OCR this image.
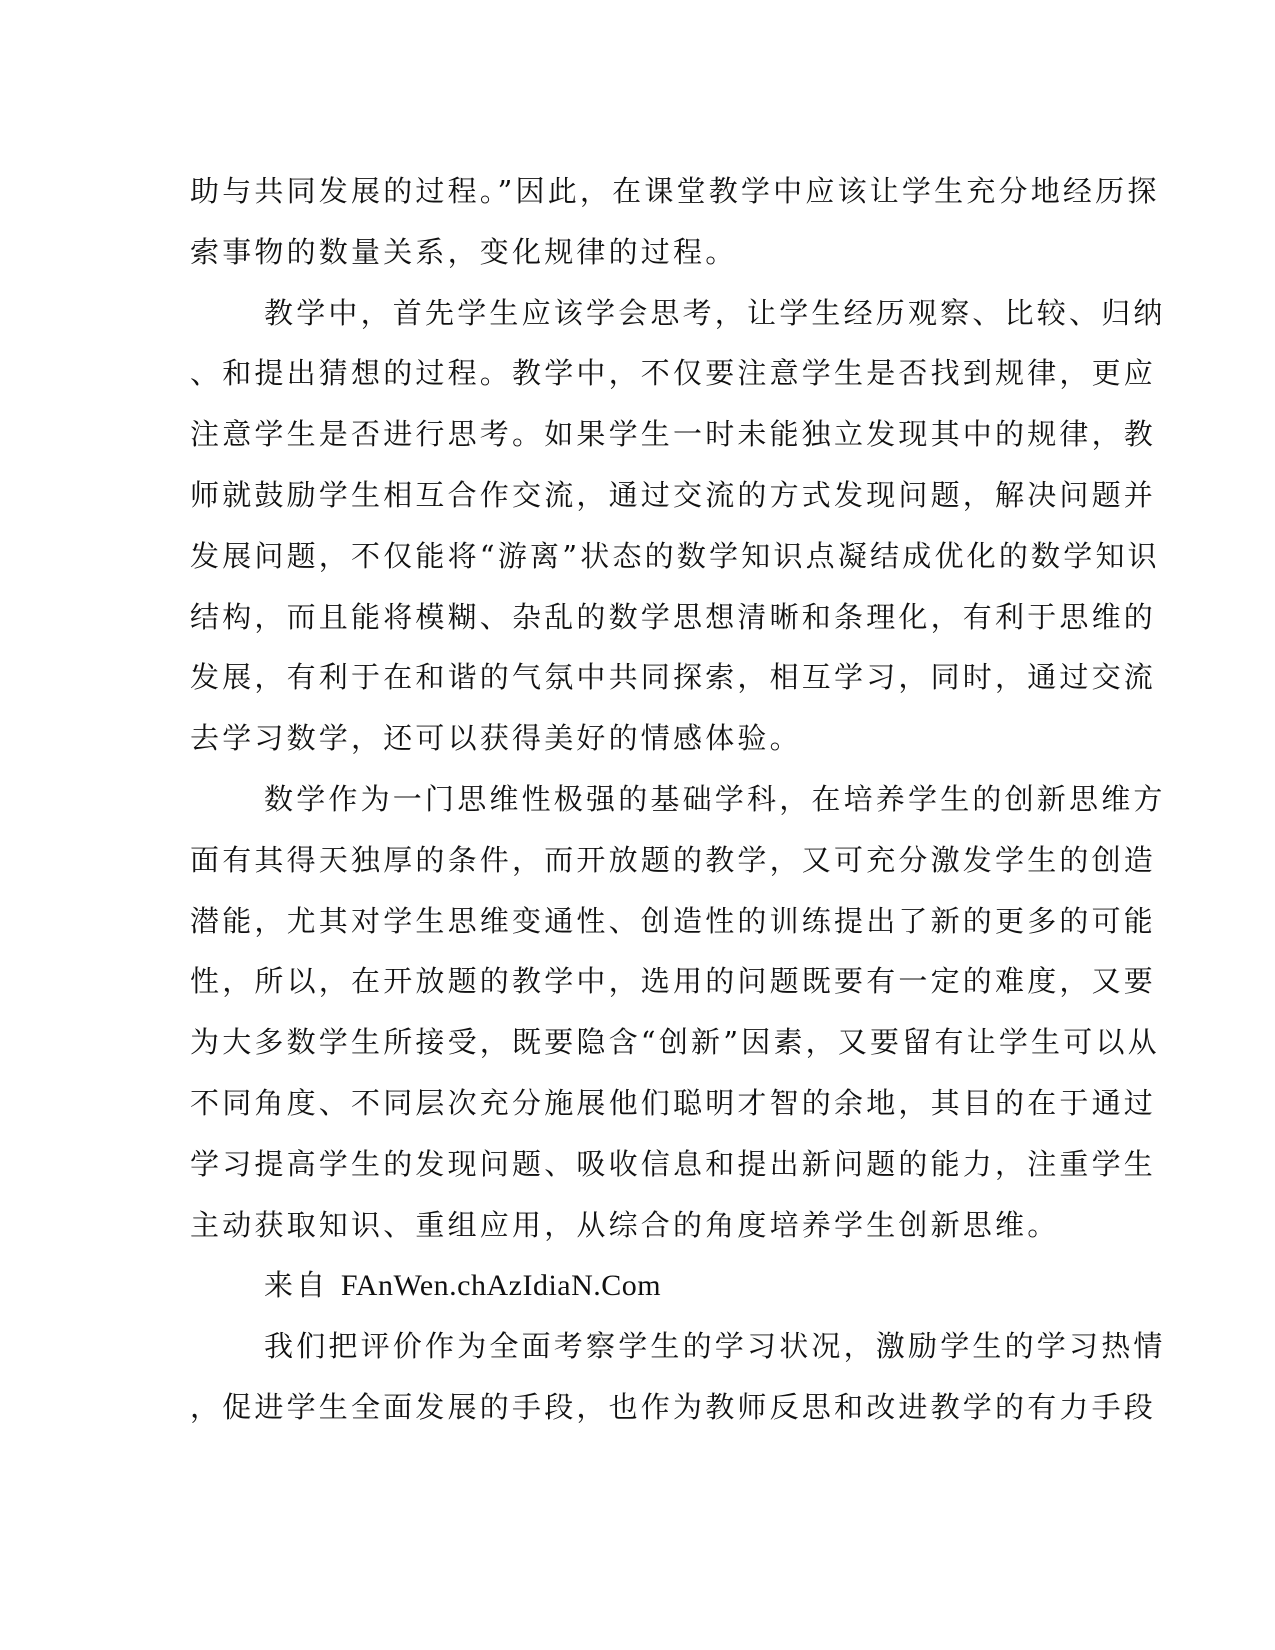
助与共同发展的过程。”因此，在课堂教学中应该让学生充分地经历探
索事物的数量关系，变化规律的过程。
教学中，首先学生应该学会思考，让学生经历观察、比较、归纳
、和提出猜想的过程。教学中，不仅要注意学生是否找到规律，更应
注意学生是否进行思考。如果学生一时未能独立发现其中的规律，教
师就鼓励学生相互合作交流，通过交流的方式发现问题，解决问题并
发展问题，不仅能将“游离”状态的数学知识点凝结成优化的数学知识
结构，而且能将模糊、杂乱的数学思想清晰和条理化，有利于思维的
发展，有利于在和谐的气氛中共同探索，相互学习，同时，通过交流
去学习数学，还可以获得美好的情感体验。
数学作为一门思维性极强的基础学科，在培养学生的创新思维方
面有其得天独厚的条件，而开放题的教学，又可充分激发学生的创造
潜能，尤其对学生思维变通性、创造性的训练提出了新的更多的可能
性，所以，在开放题的教学中，选用的问题既要有一定的难度，又要
为大多数学生所接受，既要隐含“创新”因素，又要留有让学生可以从
不同角度、不同层次充分施展他们聪明才智的余地，其目的在于通过
学习提高学生的发现问题、吸收信息和提出新问题的能力，注重学生
主动获取知识、重组应用，从综合的角度培养学生创新思维。
来自 FAnWen.chAzIdiaN.Com
我们把评价作为全面考察学生的学习状况，激励学生的学习热情
，促进学生全面发展的手段，也作为教师反思和改进教学的有力手段
